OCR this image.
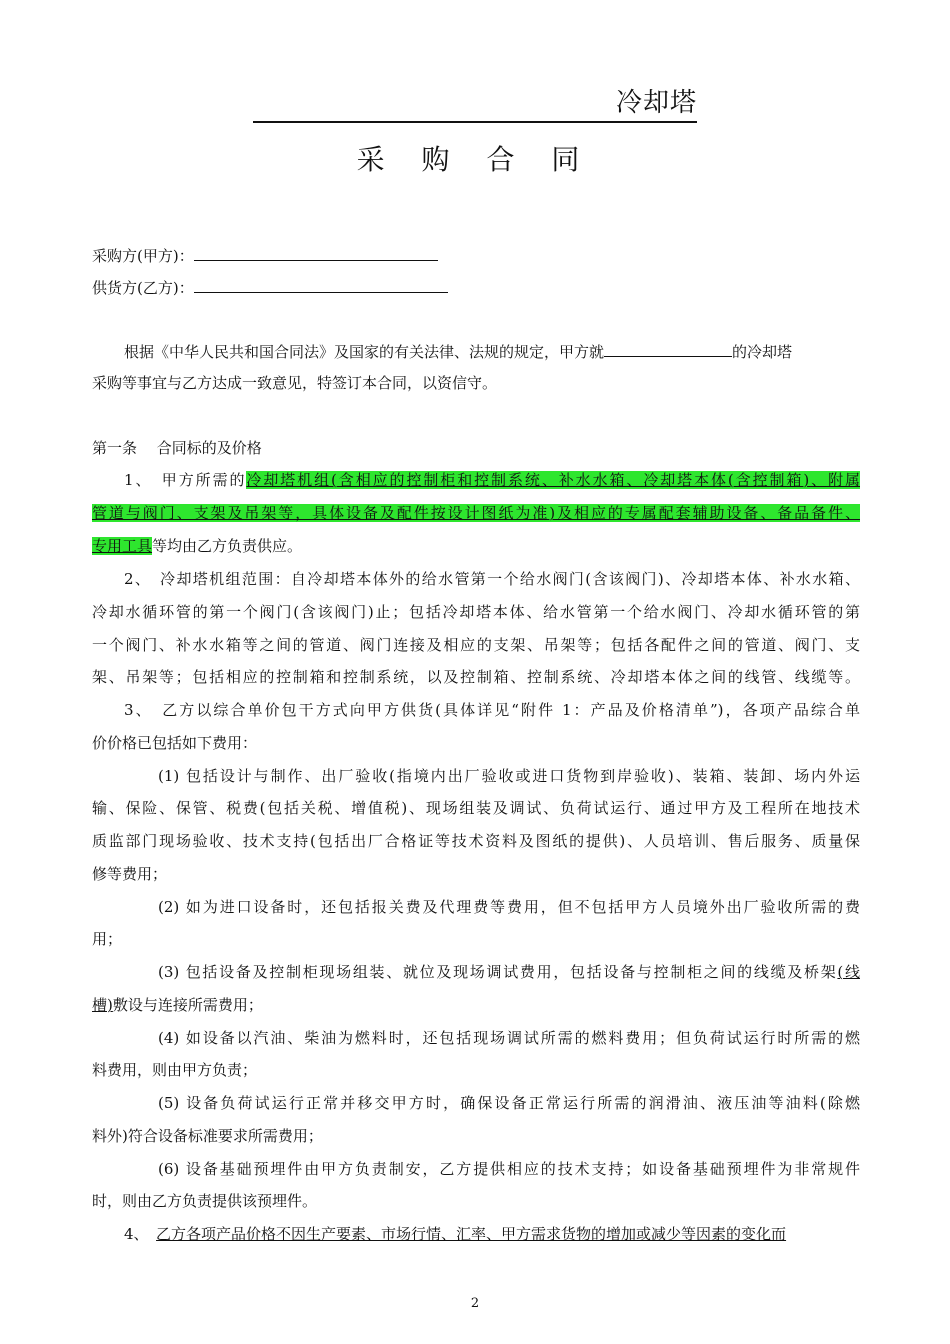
冷却塔
采 购 合 同
采购方(甲方)：
供货方(乙方)：
根据《中华人民共和国合同法》及国家的有关法律、法规的规定，甲方就	的冷却塔
采购等事宜与乙方达成一致意见，特签订本合同，以资信守。
第一条　 合同标的及价格
1、　甲方所需的冷却塔机组(含相应的控制柜和控制系统、补水水箱、冷却塔本体(含控制箱)、附属
管道与阀门、支架及吊架等，具体设备及配件按设计图纸为准)及相应的专属配套辅助设备、备品备件、
专用工具等均由乙方负责供应。
2、　冷却塔机组范围：自冷却塔本体外的给水管第一个给水阀门(含该阀门)、冷却塔本体、补水水箱、
冷却水循环管的第一个阀门(含该阀门)止；包括冷却塔本体、给水管第一个给水阀门、冷却水循环管的第
一个阀门、补水水箱等之间的管道、阀门连接及相应的支架、吊架等；包括各配件之间的管道、阀门、支
架、吊架等；包括相应的控制箱和控制系统，以及控制箱、控制系统、冷却塔本体之间的线管、线缆等。
3、　乙方以综合单价包干方式向甲方供货(具体详见“附件 1：产品及价格清单”)，各项产品综合单
价价格已包括如下费用：
(1) 包括设计与制作、出厂验收(指境内出厂验收或进口货物到岸验收)、装箱、装卸、场内外运
输、保险、保管、税费(包括关税、增值税)、现场组装及调试、负荷试运行、通过甲方及工程所在地技术
质监部门现场验收、技术支持(包括出厂合格证等技术资料及图纸的提供)、人员培训、售后服务、质量保
修等费用；
(2) 如为进口设备时，还包括报关费及代理费等费用，但不包括甲方人员境外出厂验收所需的费
用；
(3) 包括设备及控制柜现场组装、就位及现场调试费用，包括设备与控制柜之间的线缆及桥架(线
槽)敷设与连接所需费用；
(4) 如设备以汽油、柴油为燃料时，还包括现场调试所需的燃料费用；但负荷试运行时所需的燃
料费用，则由甲方负责；
(5) 设备负荷试运行正常并移交甲方时，确保设备正常运行所需的润滑油、液压油等油料(除燃
料外)符合设备标准要求所需费用；
(6) 设备基础预埋件由甲方负责制安，乙方提供相应的技术支持；如设备基础预埋件为非常规件
时，则由乙方负责提供该预埋件。
4、　乙方各项产品价格不因生产要素、市场行情、汇率、甲方需求货物的增加或减少等因素的变化而
2
